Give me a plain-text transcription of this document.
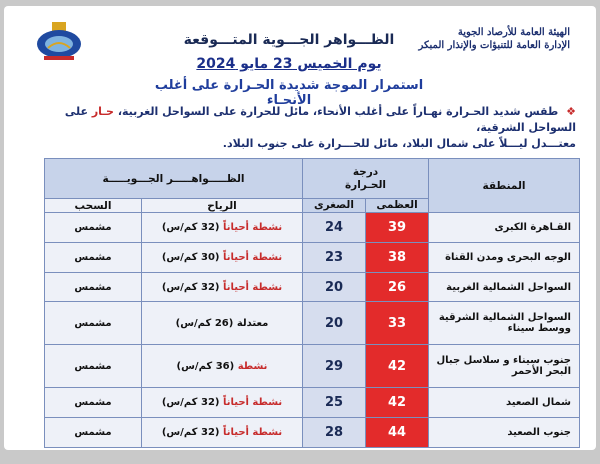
الهيئة العامة للأرصاد الجوية
الإدارة العامة للتنبؤات والإنذار المبكر
الظـــواهر الجـــوية المتـــوقعة
يوم الخميس 23 مايو 2024
استمرار الموجة شديدة الحـرارة على أغلب الأنحـاء
❖ طقس شديد الحـرارة نهـاراً على أغلب الأنحاء، مائل للحرارة على السواحل الغربية، حـار على السواحل الشرقية،
معتـــدل ليـــلاً على شمال البلاد، مائل للحـــرارة على جنوب البلاد.
المنطقة	درجة
الحـرارة		الظـــــواهـــــر الجـــويـــــة	
	العظمى	الصغرى	الرياح	السحب
القـاهرة الكبرى	39	24	نشطة أحياناً (32 كم/س)	مشمس
الوجه البحرى ومدن القناة	38	23	نشطة أحياناً (30 كم/س)	مشمس
السواحل الشمالية الغربية	26	20	نشطة أحياناً (32 كم/س)	مشمس
السواحل الشمالية الشرقية ووسط سيناء	33	20	معتدلة (26 كم/س)	مشمس
جنوب سيناء و سلاسل جبال البحر الأحمر	42	29	نشطة (36 كم/س)	مشمس
شمال الصعيد	42	25	نشطة أحياناً (32 كم/س)	مشمس
جنوب الصعيد	44	28	نشطة أحياناً (32 كم/س)	مشمس
